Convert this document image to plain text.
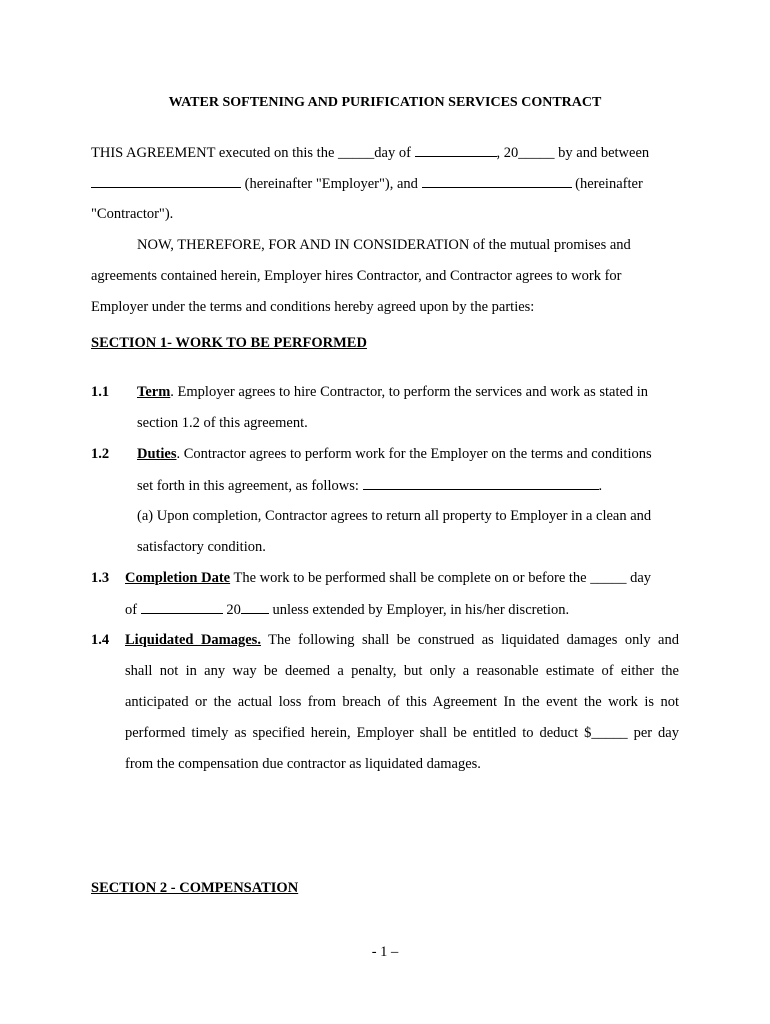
WATER SOFTENING AND PURIFICATION SERVICES CONTRACT
THIS AGREEMENT executed on this the _____day of	, 20_____ by and between
(hereinafter "Employer"), and	(hereinafter
"Contractor").
NOW, THEREFORE, FOR AND IN CONSIDERATION of the mutual promises and
agreements contained herein, Employer hires Contractor, and Contractor agrees to work for
Employer under the terms and conditions hereby agreed upon by the parties:
SECTION 1- WORK TO BE PERFORMED
1.1 Term. Employer agrees to hire Contractor, to perform the services and work as stated in
section 1.2 of this agreement.
1.2 Duties. Contractor agrees to perform work for the Employer on the terms and conditions
set forth in this agreement, as follows:	.
(a) Upon completion, Contractor agrees to return all property to Employer in a clean and
satisfactory condition.
1.3 Completion Date The work to be performed shall be complete on or before the _____ day
of	20 unless extended by Employer, in his/her discretion.
1.4 Liquidated Damages. The following shall be construed as liquidated damages only and
shall not in any way be deemed a penalty, but only a reasonable estimate of either the
anticipated or the actual loss from breach of this Agreement In the event the work is not
performed timely as specified herein, Employer shall be entitled to deduct $_____ per day
from the compensation due contractor as liquidated damages.
SECTION 2 - COMPENSATION
- 1 –
